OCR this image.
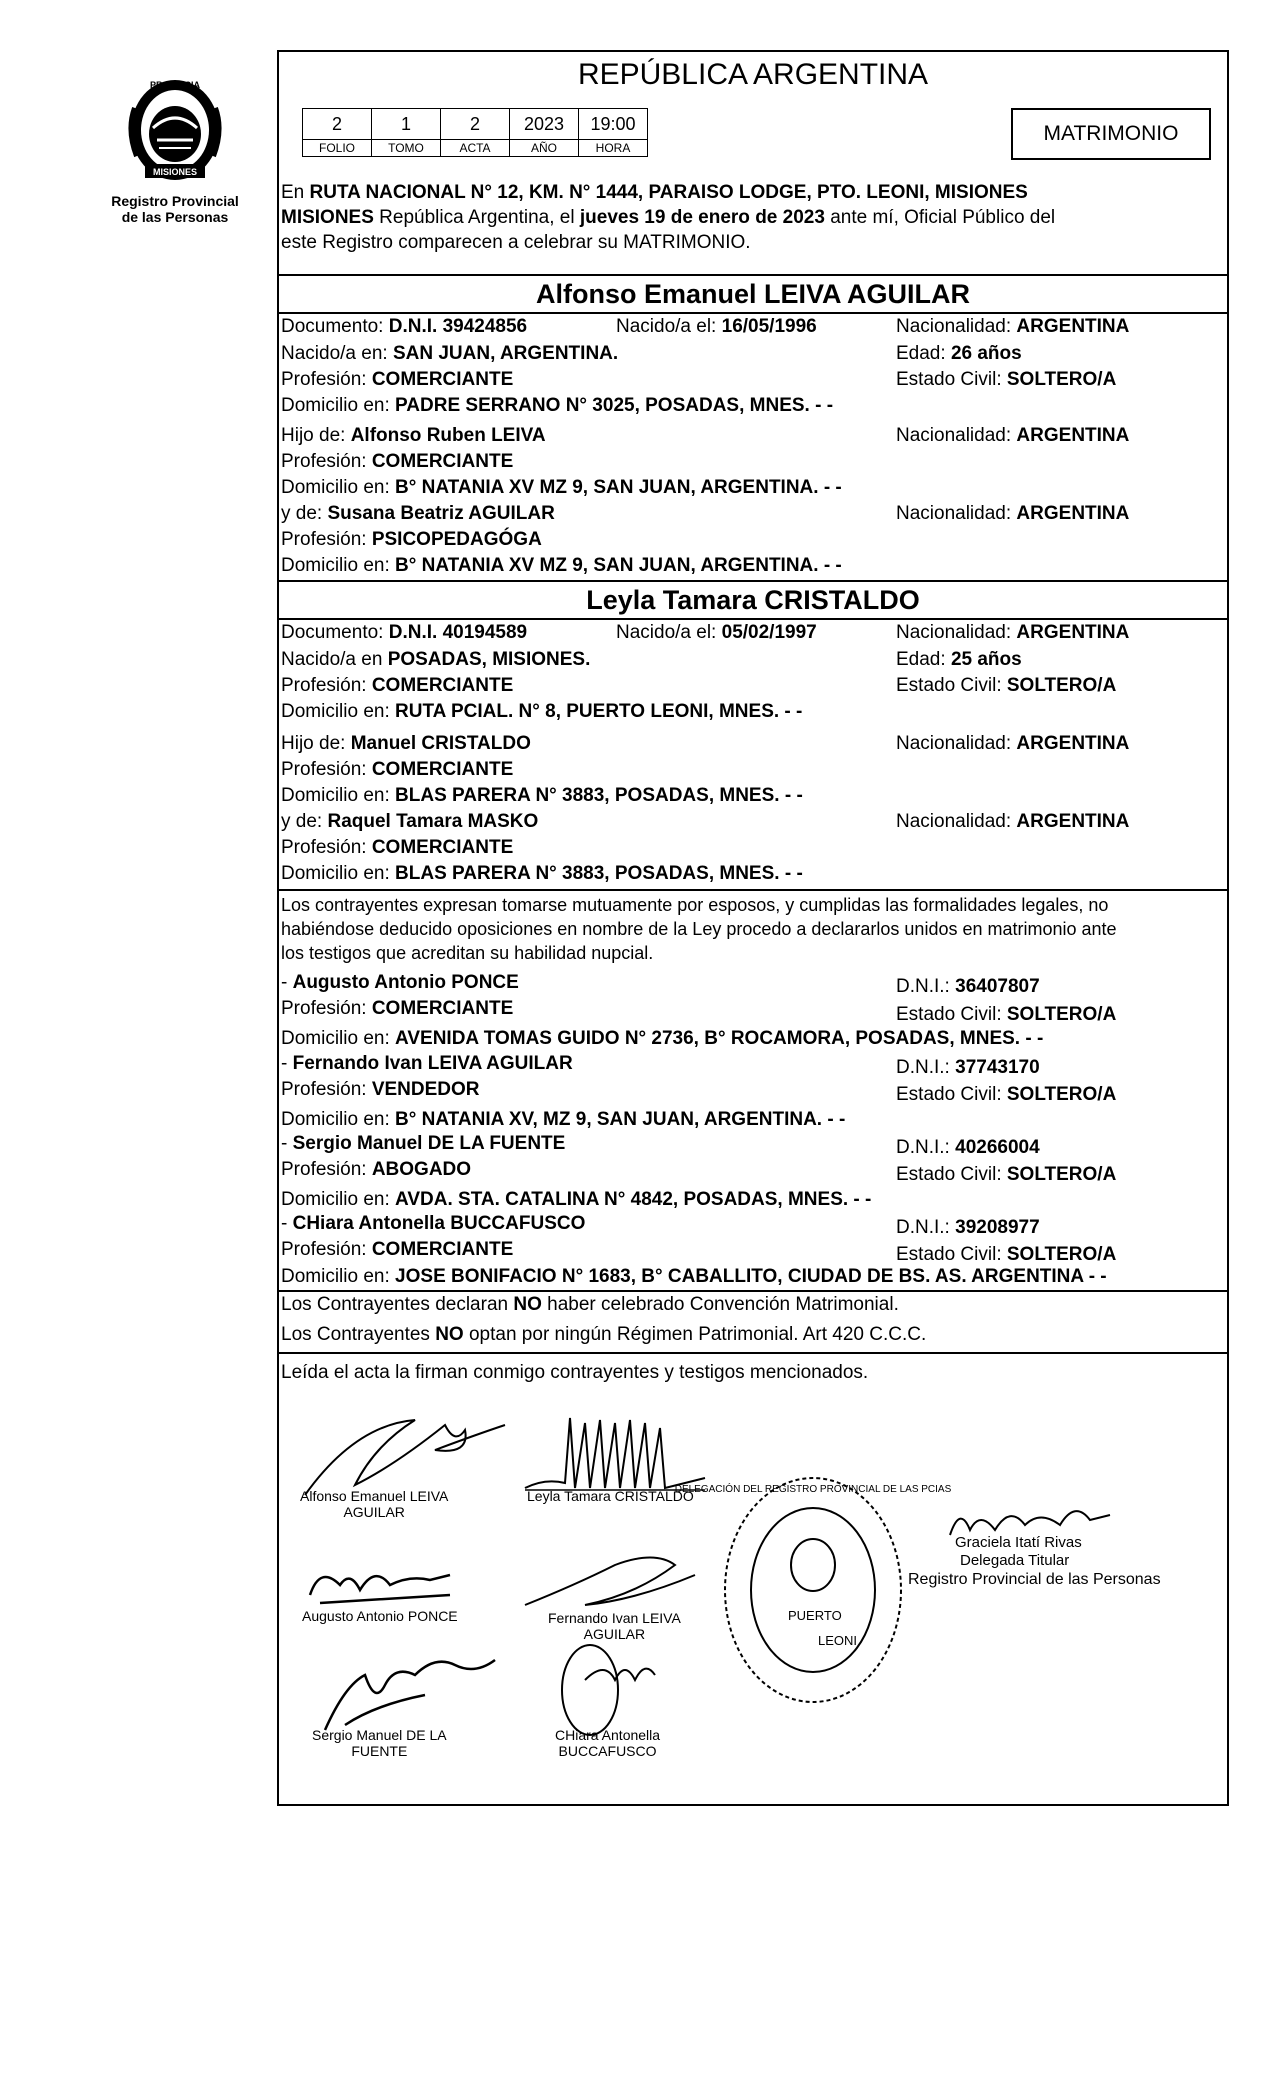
PROVINCIA
MISIONES
Registro Provincial
de las Personas
REPÚBLICA ARGENTINA
2	1	2	2023	19:00
FOLIO	TOMO	ACTA	AÑO	HORA
MATRIMONIO
En RUTA NACIONAL N° 12, KM. N° 1444, PARAISO LODGE, PTO. LEONI, MISIONES
MISIONES República Argentina, el jueves 19 de enero de 2023 ante mí, Oficial Público del
este Registro comparecen a celebrar su MATRIMONIO.
Alfonso Emanuel LEIVA AGUILAR
Documento: D.N.I. 39424856	Nacido/a el: 16/05/1996	Nacionalidad: ARGENTINA
Nacido/a en: SAN JUAN, ARGENTINA.	Edad: 26 años
Profesión: COMERCIANTE	Estado Civil: SOLTERO/A
Domicilio en: PADRE SERRANO N° 3025, POSADAS, MNES. - -
Hijo de: Alfonso Ruben LEIVA	Nacionalidad: ARGENTINA
Profesión: COMERCIANTE
Domicilio en: B° NATANIA XV MZ 9, SAN JUAN, ARGENTINA. - -
y de: Susana Beatriz AGUILAR	Nacionalidad: ARGENTINA
Profesión: PSICOPEDAGÓGA
Domicilio en: B° NATANIA XV MZ 9, SAN JUAN, ARGENTINA. - -
Leyla Tamara CRISTALDO
Documento: D.N.I. 40194589	Nacido/a el: 05/02/1997	Nacionalidad: ARGENTINA
Nacido/a en POSADAS, MISIONES.	Edad: 25 años
Profesión: COMERCIANTE	Estado Civil: SOLTERO/A
Domicilio en: RUTA PCIAL. N° 8, PUERTO LEONI, MNES. - -
Hijo de: Manuel CRISTALDO	Nacionalidad: ARGENTINA
Profesión: COMERCIANTE
Domicilio en: BLAS PARERA N° 3883, POSADAS, MNES. - -
y de: Raquel Tamara MASKO	Nacionalidad: ARGENTINA
Profesión: COMERCIANTE
Domicilio en: BLAS PARERA N° 3883, POSADAS, MNES. - -
Los contrayentes expresan tomarse mutuamente por esposos, y cumplidas las formalidades legales, no
habiéndose deducido oposiciones en nombre de la Ley procedo a declararlos unidos en matrimonio ante
los testigos que acreditan su habilidad nupcial.
- Augusto Antonio PONCE	D.N.I.: 36407807
Profesión: COMERCIANTE	Estado Civil: SOLTERO/A
Domicilio en: AVENIDA TOMAS GUIDO N° 2736, B° ROCAMORA, POSADAS, MNES. - -
- Fernando Ivan LEIVA AGUILAR	D.N.I.: 37743170
Profesión: VENDEDOR	Estado Civil: SOLTERO/A
Domicilio en: B° NATANIA XV, MZ 9, SAN JUAN, ARGENTINA. - -
- Sergio Manuel DE LA FUENTE	D.N.I.: 40266004
Profesión: ABOGADO	Estado Civil: SOLTERO/A
Domicilio en: AVDA. STA. CATALINA N° 4842, POSADAS, MNES. - -
- CHiara Antonella BUCCAFUSCO	D.N.I.: 39208977
Profesión: COMERCIANTE	Estado Civil: SOLTERO/A
Domicilio en: JOSE BONIFACIO N° 1683, B° CABALLITO, CIUDAD DE BS. AS. ARGENTINA - -
Los Contrayentes declaran NO haber celebrado Convención Matrimonial.
Los Contrayentes NO optan por ningún Régimen Patrimonial. Art 420 C.C.C.
Leída el acta la firman conmigo contrayentes y testigos mencionados.
Alfonso Emanuel LEIVA
AGUILAR
Leyla Tamara CRISTALDO
Augusto Antonio PONCE	Fernando Ivan LEIVA
AGUILAR
Sergio Manuel DE LA
FUENTE
CHiara Antonella
BUCCAFUSCO
DELEGACIÓN DEL REGISTRO PROVINCIAL DE LAS PCIAS
PUERTO
LEONI
Graciela Itatí Rivas
Delegada Titular
Registro Provincial de las Personas
